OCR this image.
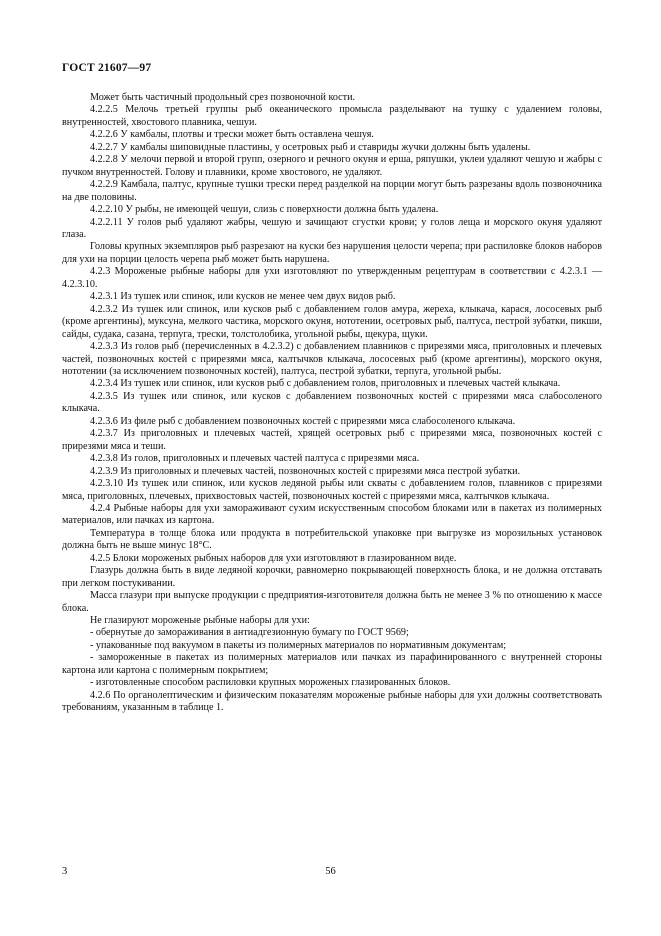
ГОСТ 21607—97

Может быть частичный продольный срез позвоночной кости.

4.2.2.5 Мелочь третьей группы рыб океанического промысла разделывают на тушку с удалением головы, внутренностей, хвостового плавника, чешуи.

4.2.2.6 У камбалы, плотвы и трески может быть оставлена чешуя.

4.2.2.7 У камбалы шиповидные пластины, у осетровых рыб и ставриды жучки должны быть удалены.

4.2.2.8 У мелочи первой и второй групп, озерного и речного окуня и ерша, ряпушки, уклеи удаляют чешую и жабры с пучком внутренностей. Голову и плавники, кроме хвостового, не удаляют.

4.2.2.9 Камбала, палтус, крупные тушки трески перед разделкой на порции могут быть разрезаны вдоль позвоночника на две половины.

4.2.2.10 У рыбы, не имеющей чешуи, слизь с поверхности должна быть удалена.

4.2.2.11 У голов рыб удаляют жабры, чешую и зачищают сгустки крови; у голов леща и морского окуня удаляют глаза.

Головы крупных экземпляров рыб разрезают на куски без нарушения целости черепа; при распиловке блоков наборов для ухи на порции целость черепа рыб может быть нарушена.

4.2.3 Мороженые рыбные наборы для ухи изготовляют по утвержденным рецептурам в соответствии с 4.2.3.1 — 4.2.3.10.

4.2.3.1 Из тушек или спинок, или кусков не менее чем двух видов рыб.

4.2.3.2 Из тушек или спинок, или кусков рыб с добавлением голов амура, жереха, клыкача, карася, лососевых рыб (кроме аргентины), муксуна, мелкого частика, морского окуня, нототении, осетровых рыб, палтуса, пестрой зубатки, пикши, сайды, судака, сазана, терпуга, трески, толстолобика, угольной рыбы, щекура, щуки.

4.2.3.3 Из голов рыб (перечисленных в 4.2.3.2) с добавлением плавников с прирезями мяса, приголовных и плечевых частей, позвоночных костей с прирезями мяса, калтычков клыкача, лососевых рыб (кроме аргентины), морского окуня, нототении (за исключением позвоночных костей), палтуса, пестрой зубатки, терпуга, угольной рыбы.

4.2.3.4 Из тушек или спинок, или кусков рыб с добавлением голов, приголовных и плечевых частей клыкача.

4.2.3.5 Из тушек или спинок, или кусков с добавлением позвоночных костей с прирезями мяса слабосоленого клыкача.

4.2.3.6 Из филе рыб с добавлением позвоночных костей с прирезями мяса слабосоленого клыкача.

4.2.3.7 Из приголовных и плечевых частей, хрящей осетровых рыб с прирезями мяса, позвоночных костей с прирезями мяса и теши.

4.2.3.8 Из голов, приголовных и плечевых частей палтуса с прирезями мяса.

4.2.3.9 Из приголовных и плечевых частей, позвоночных костей с прирезями мяса пестрой зубатки.

4.2.3.10 Из тушек или спинок, или кусков ледяной рыбы или скваты с добавлением голов, плавников с прирезями мяса, приголовных, плечевых, прихвостовых частей, позвоночных костей с прирезями мяса, калтычков клыкача.

4.2.4 Рыбные наборы для ухи замораживают сухим искусственным способом блоками или в пакетах из полимерных материалов, или пачках из картона.

Температура в толще блока или продукта в потребительской упаковке при выгрузке из морозильных установок должна быть не выше минус 18°С.

4.2.5 Блоки мороженых рыбных наборов для ухи изготовляют в глазированном виде.

Глазурь должна быть в виде ледяной корочки, равномерно покрывающей поверхность блока, и не должна отставать при легком постукивании.

Масса глазури при выпуске продукции с предприятия-изготовителя должна быть не менее 3 % по отношению к массе блока.

Не глазируют мороженые рыбные наборы для ухи:

- обернутые до замораживания в антиадгезионную бумагу по ГОСТ 9569;

- упакованные под вакуумом в пакеты из полимерных материалов по нормативным документам;

- замороженные в пакетах из полимерных материалов или пачках из парафинированного с внутренней стороны картона или картона с полимерным покрытием;

- изготовленные способом распиловки крупных мороженых глазированных блоков.

4.2.6 По органолептическим и физическим показателям мороженые рыбные наборы для ухи должны соответствовать требованиям, указанным в таблице 1.

3	56
